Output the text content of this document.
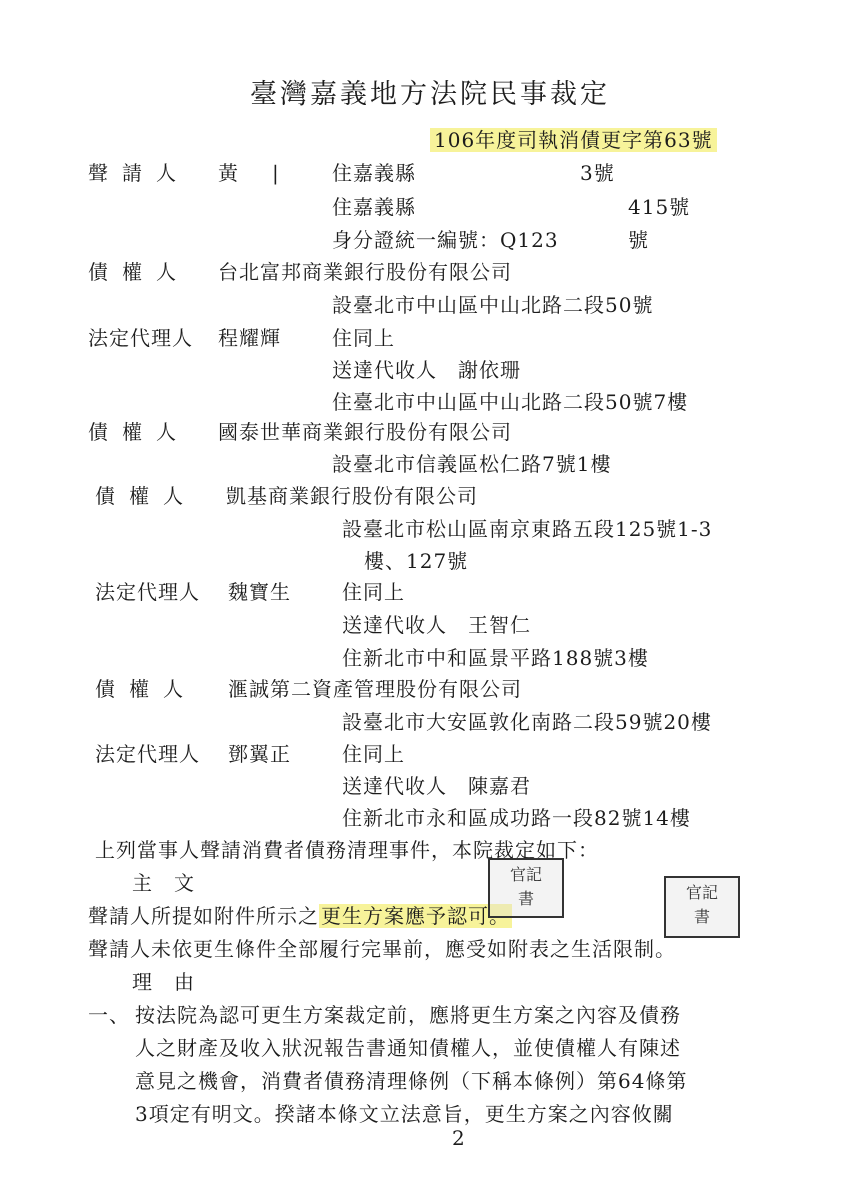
臺灣嘉義地方法院民事裁定
106年度司執消債更字第63號
聲請人 黃 |	住嘉義縣	3號
住嘉義縣	415號
身分證統一編號：Q123	號
債權人 台北富邦商業銀行股份有限公司
設臺北市中山區中山北路二段50號
法定代理人 程耀輝	住同上
送達代收人　謝依珊
住臺北市中山區中山北路二段50號7樓
債權人 國泰世華商業銀行股份有限公司
設臺北市信義區松仁路7號1樓
債權人 凱基商業銀行股份有限公司
設臺北市松山區南京東路五段125號1-3
樓、127號
法定代理人 魏寶生	住同上
送達代收人　王智仁
住新北市中和區景平路188號3樓
債權人 滙誠第二資產管理股份有限公司
設臺北市大安區敦化南路二段59號20樓
法定代理人 鄧翼正	住同上
送達代收人　陳嘉君
住新北市永和區成功路一段82號14樓
上列當事人聲請消費者債務清理事件，本院裁定如下：
主　文
聲請人所提如附件所示之 更生方案應予認可。
聲請人未依更生條件全部履行完畢前，應受如附表之生活限制。
理　由
一、 按法院為認可更生方案裁定前，應將更生方案之內容及債務
人之財產及收入狀況報告書通知債權人，並使債權人有陳述
意見之機會，消費者債務清理條例（下稱本條例）第64條第
3項定有明文。揆諸本條文立法意旨，更生方案之內容攸關
官記
書	官記
書
2
